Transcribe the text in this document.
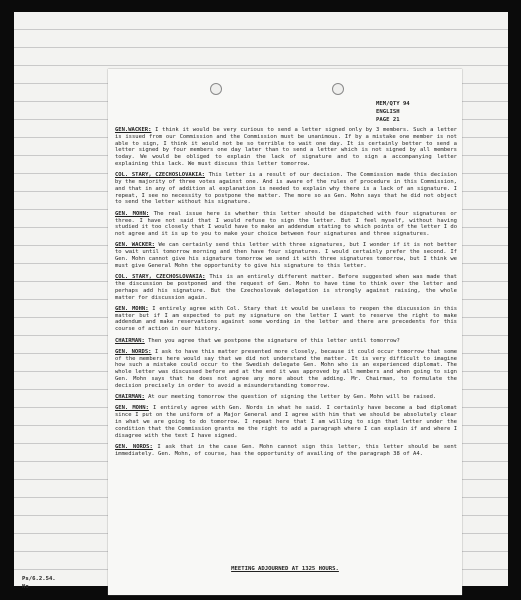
MEM/QTY 94
ENGLISH
PAGE 21

GEN.WACKER: I think it would be very curious to send a letter signed only by 3 members. Such a letter is issued from our Commission and the Commission must be unanimous. If by a mistake one member is not able to sign, I think it would not be so terrible to wait one day. It is certainly better to send a letter signed by four members one day later than to send a letter which is not signed by all members today. We would be obliged to explain the lack of signature and to sign a accompanying letter explaining this lack. We must discuss this letter tomorrow.

COL. STARY, CZECHOSLOVAKIA: This letter is a result of our decision. The Commission made this decision by the majority of three votes against one. And is aware of the rules of procedure in this Commission, and that in any of addition al explanation is needed to explain why there is a lack of an signature. I repeat, I see no necessity to postpone the matter. The more so as Gen. Mohn says that he did not object to send the letter without his signature.

GEN. MOHN: The real issue here is whether this letter should be dispatched with four signatures or three. I have not said that I would refuse to sign the letter. But I feel myself, without having studied it too closely that I would have to make an addendum stating to which points of the letter I do not agree and it is up to you to make your choice between four signatures and three signatures.

GEN. WACKER: We can certainly send this letter with three signatures, but I wonder if it is not better to wait until tomorrow morning and then have four signatures. I would certainly prefer the second. If Gen. Mohn cannot give his signature tomorrow we send it with three signatures tomorrow, but I think we must give General Mohn the opportunity to give his signature to this letter.

COL. STARY, CZECHOSLOVAKIA: This is an entirely different matter. Before suggested when was made that the discussion be postponed and the request of Gen. Mohn to have time to think over the letter and perhaps add his signature. But the Czechoslovak delegation is strongly against raising, the whole matter for discussion again.

GEN. MOHN: I entirely agree with Col. Stary that it would be useless to reopen the discussion in this matter but if I am expected to put my signature on the letter I want to reserve the right to make addendum and make reservations against some wording in the letter and there are precedents for this course of action in our history.

CHAIRMAN: Then you agree that we postpone the signature of this letter until tomorrow?

GEN. NORDS: I ask to have this matter presented more closely, because it could occur tomorrow that some of the members here would say that we did not understand the matter. It is very difficult to imagine how such a mistake could occur to the Swedish delegate Gen. Mohn who is an experienced diplomat. The whole letter was discussed before and at the end it was approved by all members and when going to sign Gen. Mohn says that he does not agree any more about the adding. Mr. Chairman, to formulate the decision precisely in order to avoid a misunderstanding tomorrow.

CHAIRMAN: At our meeting tomorrow the question of signing the letter by Gen. Mohn will be raised.

GEN. MOHN: I entirely agree with Gen. Nords in what he said. I certainly have become a bad diplomat since I put on the uniform of a Major General and I agree with him that we should be absolutely clear in what we are going to do tomorrow. I repeat here that I am willing to sign that letter under the condition that the Commission grants me the right to add a paragraph where I can explain if and where I disagree with the text I have signed.

GEN. NORDS: I ask that in the case Gen. Mohn cannot sign this letter, this letter should be sent immediately. Gen. Mohn, of course, has the opportunity of availing of the paragraph 38 of A4.

MEETING ADJOURNED AT 1325 HOURS.
Ps/6.2.54.
No
